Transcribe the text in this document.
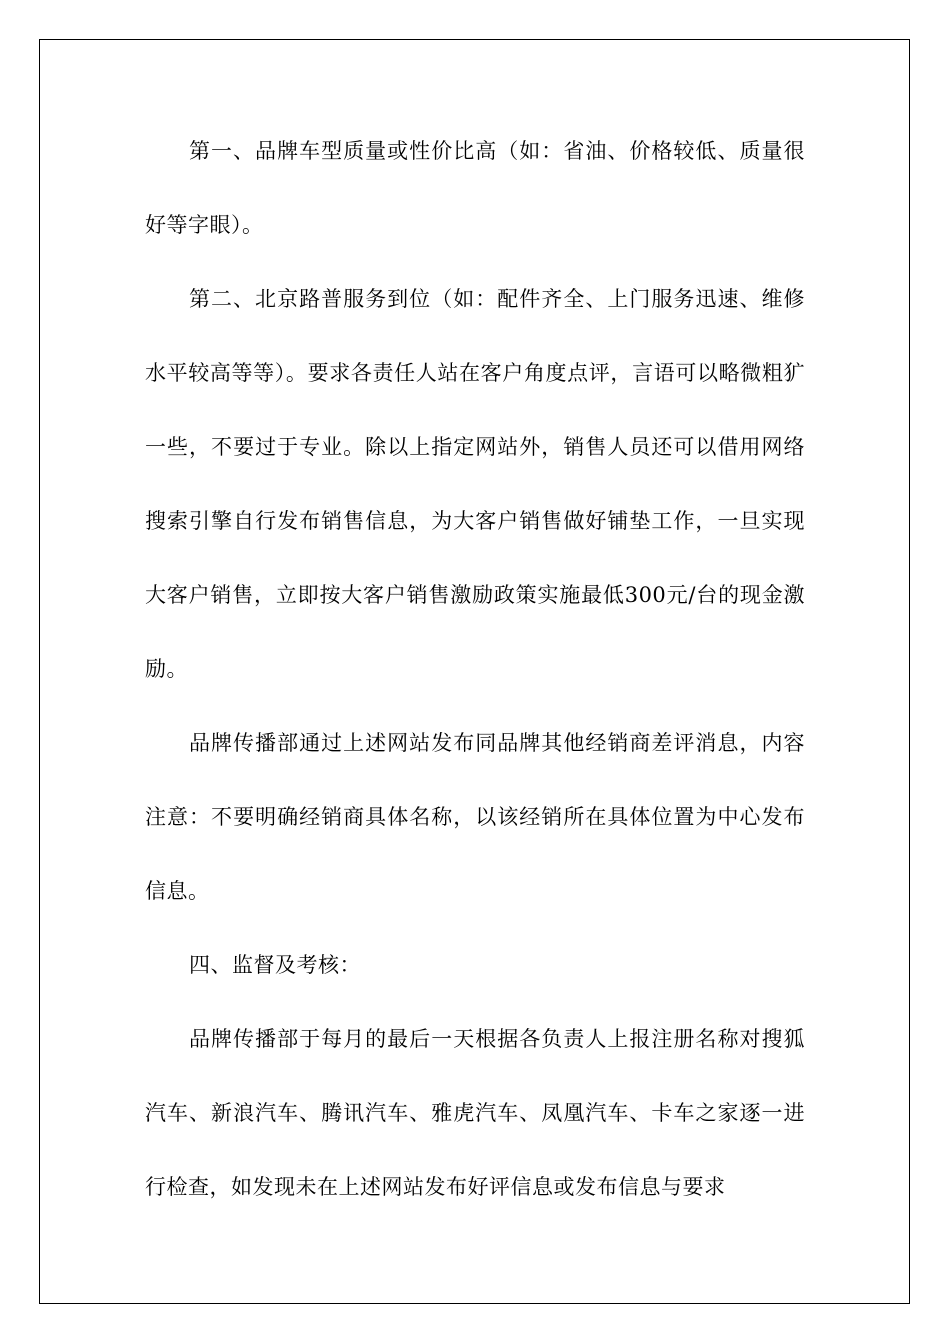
第一、品牌车型质量或性价比高（如：省油、价格较低、质量很好等字眼）。

第二、北京路普服务到位（如：配件齐全、上门服务迅速、维修水平较高等等）。要求各责任人站在客户角度点评，言语可以略微粗犷一些，不要过于专业。除以上指定网站外，销售人员还可以借用网络搜索引擎自行发布销售信息，为大客户销售做好铺垫工作，一旦实现大客户销售，立即按大客户销售激励政策实施最低300元/台的现金激励。

品牌传播部通过上述网站发布同品牌其他经销商差评消息，内容注意：不要明确经销商具体名称，以该经销所在具体位置为中心发布信息。

四、监督及考核：

品牌传播部于每月的最后一天根据各负责人上报注册名称对搜狐汽车、新浪汽车、腾讯汽车、雅虎汽车、凤凰汽车、卡车之家逐一进行检查，如发现未在上述网站发布好评信息或发布信息与要求
